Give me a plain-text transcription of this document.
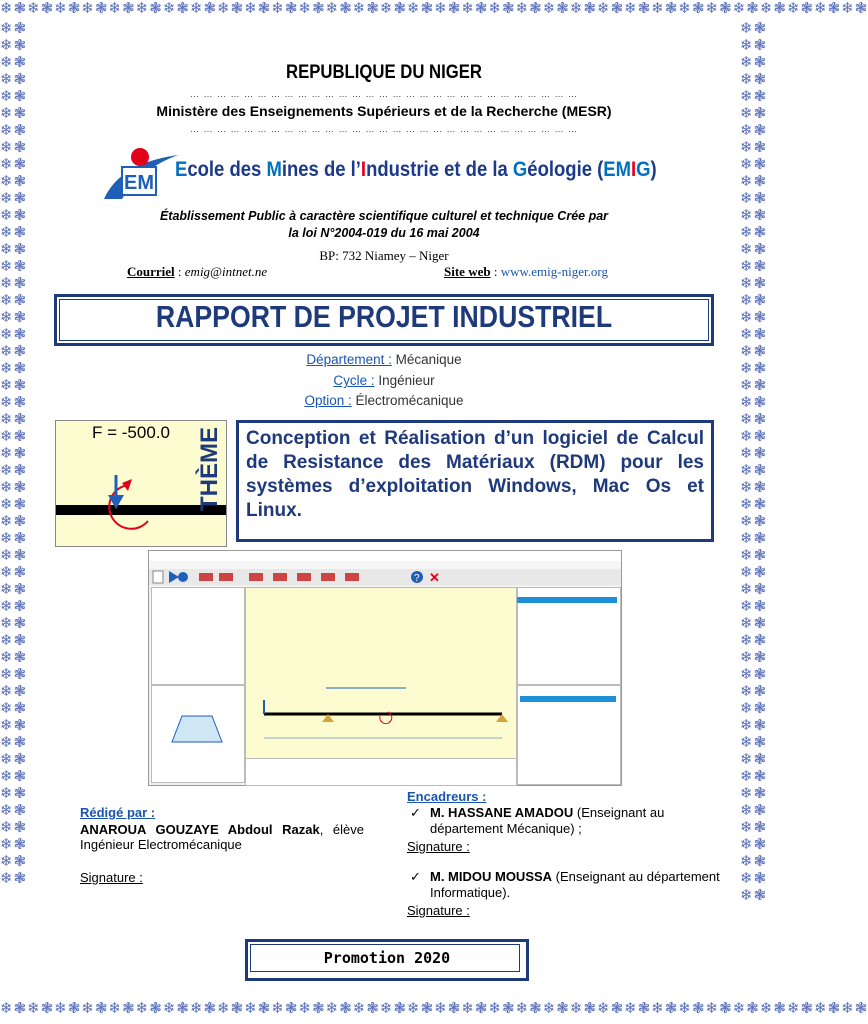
❄❃❄❃❄❃❄❃❄❃❄❃❄❃❄❃❄❃❄❃❄❃❄❃❄❃❄❃❄❃❄❃❄❃❄❃❄❃❄❃❄❃❄❃❄❃❄❃❄❃❄❃❄❃❄❃❄❃❄❃❄❃❄❃
❄❃❄❃❄❃❄❃❄❃❄❃❄❃❄❃❄❃❄❃❄❃❄❃❄❃❄❃❄❃❄❃❄❃❄❃❄❃❄❃❄❃❄❃❄❃❄❃❄❃❄❃❄❃❄❃❄❃❄❃❄❃❄❃
❄❃❄❃❄❃❄❃❄❃❄❃❄❃❄❃❄❃❄❃❄❃❄❃❄❃❄❃❄❃❄❃❄❃❄❃❄❃❄❃❄❃❄❃❄❃❄❃❄❃❄❃❄❃❄❃❄❃❄❃❄❃❄❃❄❃❄❃❄❃❄❃❄❃❄❃❄❃❄❃❄❃❄❃❄❃❄❃❄❃❄❃❄❃❄❃❄❃❄❃❄❃
❄❃❄❃❄❃❄❃❄❃❄❃❄❃❄❃❄❃❄❃❄❃❄❃❄❃❄❃❄❃❄❃❄❃❄❃❄❃❄❃❄❃❄❃❄❃❄❃❄❃❄❃❄❃❄❃❄❃❄❃❄❃❄❃❄❃❄❃❄❃❄❃❄❃❄❃❄❃❄❃❄❃❄❃❄❃❄❃❄❃❄❃❄❃❄❃❄❃❄❃❄❃❄❃
REPUBLIQUE DU NIGER
… … … … … … … … … … … … … … … … … … … … … … … … … … … … …
Ministère des Enseignements Supérieurs et de la Recherche (MESR)
… … … … … … … … … … … … … … … … … … … … … … … … … … … … …
EM
Ecole des Mines de l’Industrie et de la Géologie (EMIG)
Établissement Public à caractère scientifique culturel et technique Crée par
la loi N°2004-019 du 16 mai 2004
BP: 732 Niamey – Niger
Courriel : emig@intnet.ne	Site web : www.emig-niger.org
RAPPORT DE PROJET INDUSTRIEL
Département : Mécanique
Cycle : Ingénieur
Option : Électromécanique
F = -500.0 THÈME Conception et Réalisation d’un logiciel de Calcul de Resistance des Matériaux (RDM) pour les systèmes d’exploitation Windows, Mac Os et Linux.
? ✕
Rédigé par :
ANAROUA GOUZAYE Abdoul Razak, élève Ingénieur Electromécanique
Signature :
Encadreurs :
✓ M. HASSANE AMADOU (Enseignant au département Mécanique) ;
Signature :
✓ M. MIDOU MOUSSA (Enseignant au département Informatique).
Signature :
Promotion 2020
